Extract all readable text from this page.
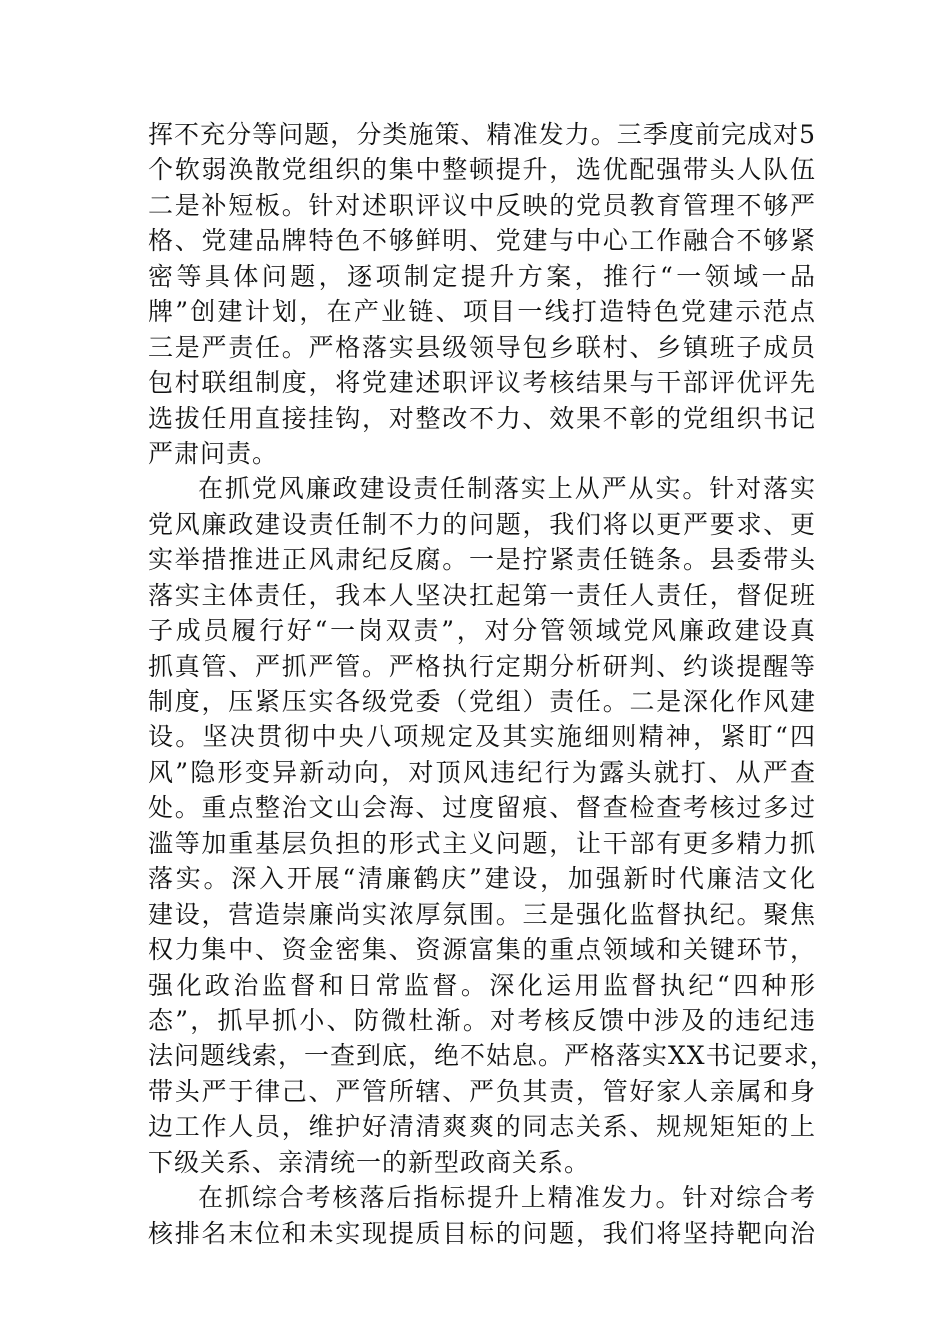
挥不充分等问题，分类施策、精准发力。三季度前完成对5
个软弱涣散党组织的集中整顿提升，选优配强带头人队伍
二是补短板。针对述职评议中反映的党员教育管理不够严
格、党建品牌特色不够鲜明、党建与中心工作融合不够紧
密等具体问题，逐项制定提升方案，推行“一领域一品
牌”创建计划，在产业链、项目一线打造特色党建示范点
三是严责任。严格落实县级领导包乡联村、乡镇班子成员
包村联组制度，将党建述职评议考核结果与干部评优评先
选拔任用直接挂钩，对整改不力、效果不彰的党组织书记
严肃问责。
在抓党风廉政建设责任制落实上从严从实。针对落实
党风廉政建设责任制不力的问题，我们将以更严要求、更
实举措推进正风肃纪反腐。一是拧紧责任链条。县委带头
落实主体责任，我本人坚决扛起第一责任人责任，督促班
子成员履行好“一岗双责”，对分管领域党风廉政建设真
抓真管、严抓严管。严格执行定期分析研判、约谈提醒等
制度，压紧压实各级党委（党组）责任。二是深化作风建
设。坚决贯彻中央八项规定及其实施细则精神，紧盯“四
风”隐形变异新动向，对顶风违纪行为露头就打、从严查
处。重点整治文山会海、过度留痕、督查检查考核过多过
滥等加重基层负担的形式主义问题，让干部有更多精力抓
落实。深入开展“清廉鹤庆”建设，加强新时代廉洁文化
建设，营造崇廉尚实浓厚氛围。三是强化监督执纪。聚焦
权力集中、资金密集、资源富集的重点领域和关键环节，
强化政治监督和日常监督。深化运用监督执纪“四种形
态”，抓早抓小、防微杜渐。对考核反馈中涉及的违纪违
法问题线索，一查到底，绝不姑息。严格落实XX书记要求，
带头严于律己、严管所辖、严负其责，管好家人亲属和身
边工作人员，维护好清清爽爽的同志关系、规规矩矩的上
下级关系、亲清统一的新型政商关系。
在抓综合考核落后指标提升上精准发力。针对综合考
核排名末位和未实现提质目标的问题，我们将坚持靶向治
